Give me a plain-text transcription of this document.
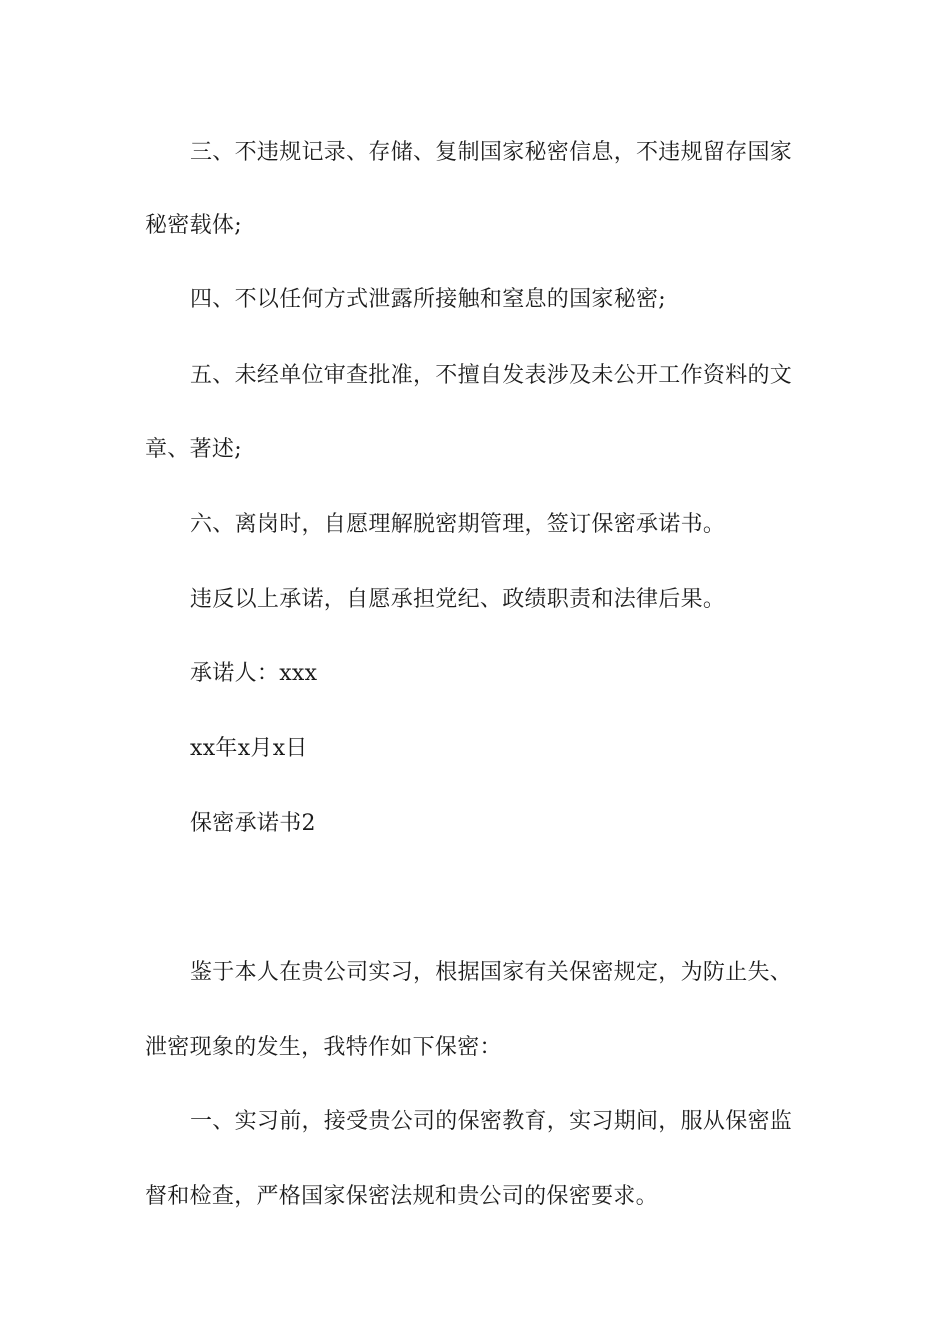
三、不违规记录、存储、复制国家秘密信息，不违规留存国家
秘密载体;
四、不以任何方式泄露所接触和窒息的国家秘密;
五、未经单位审查批准，不擅自发表涉及未公开工作资料的文
章、著述;
六、离岗时，自愿理解脱密期管理，签订保密承诺书。
违反以上承诺，自愿承担党纪、政绩职责和法律后果。
承诺人：xxx
xx年x月x日
保密承诺书2
鉴于本人在贵公司实习，根据国家有关保密规定，为防止失、
泄密现象的发生，我特作如下保密：
一、实习前，接受贵公司的保密教育，实习期间，服从保密监
督和检查，严格国家保密法规和贵公司的保密要求。
